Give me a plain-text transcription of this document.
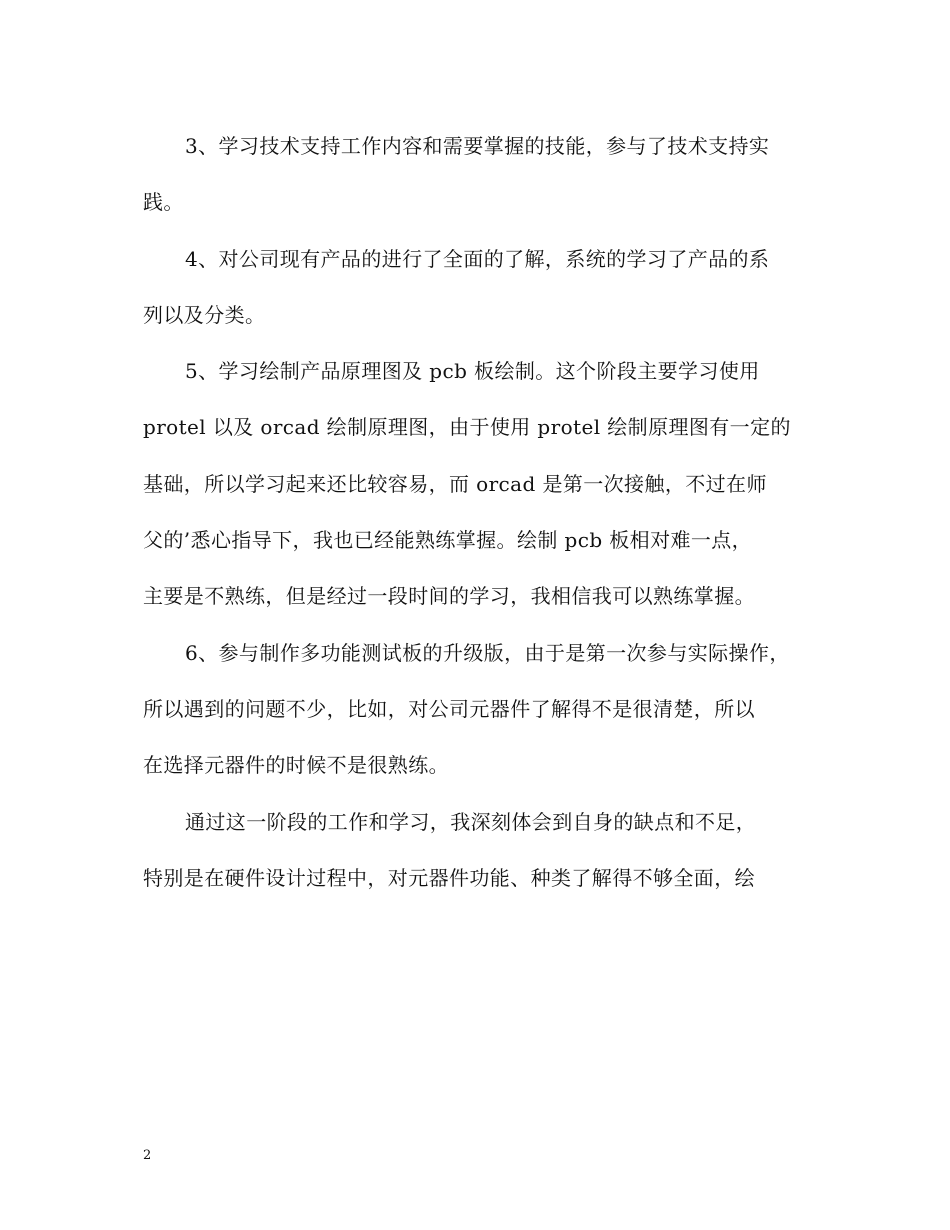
3、学习技术支持工作内容和需要掌握的技能，参与了技术支持实
践。
4、对公司现有产品的进行了全面的了解，系统的学习了产品的系
列以及分类。
5、学习绘制产品原理图及 pcb 板绘制。这个阶段主要学习使用
protel 以及 orcad 绘制原理图，由于使用 protel 绘制原理图有一定的
基础，所以学习起来还比较容易，而 orcad 是第一次接触，不过在师
父的’悉心指导下，我也已经能熟练掌握。绘制 pcb 板相对难一点，
主要是不熟练，但是经过一段时间的学习，我相信我可以熟练掌握。
6、参与制作多功能测试板的升级版，由于是第一次参与实际操作，
所以遇到的问题不少，比如，对公司元器件了解得不是很清楚，所以
在选择元器件的时候不是很熟练。
通过这一阶段的工作和学习，我深刻体会到自身的缺点和不足，
特别是在硬件设计过程中，对元器件功能、种类了解得不够全面，绘
2
